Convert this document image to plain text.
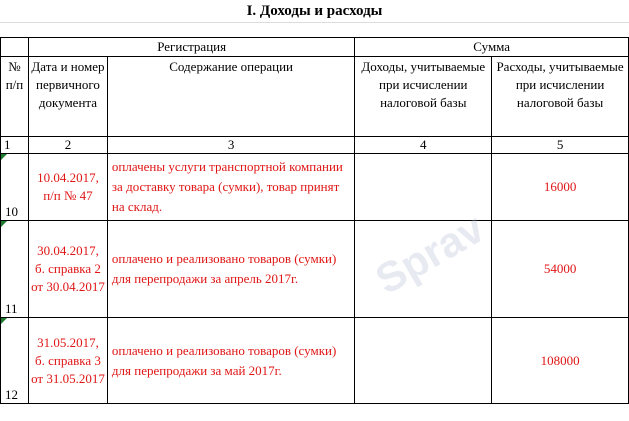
I. Доходы и расходы
	Регистрация		Сумма	
№ п/п	Дата и номер первичного документа	Содержание операции	Доходы, учитываемые при исчислении налоговой базы	Расходы, учитываемые при исчислении налоговой базы
1	2	3	4	5

10	10.04.2017, п/п № 47	оплачены услуги транспортной компании за доставку товара (сумки), товар принят на склад.		16000

11	30.04.2017, б. справка 2 от 30.04.2017	оплачено и реализовано товаров (сумки) для перепродажи за апрель 2017г.		54000

12	31.05.2017, б. справка 3 от 31.05.2017	оплачено и реализовано товаров (сумки) для перепродажи за май 2017г.		108000
Sprav
